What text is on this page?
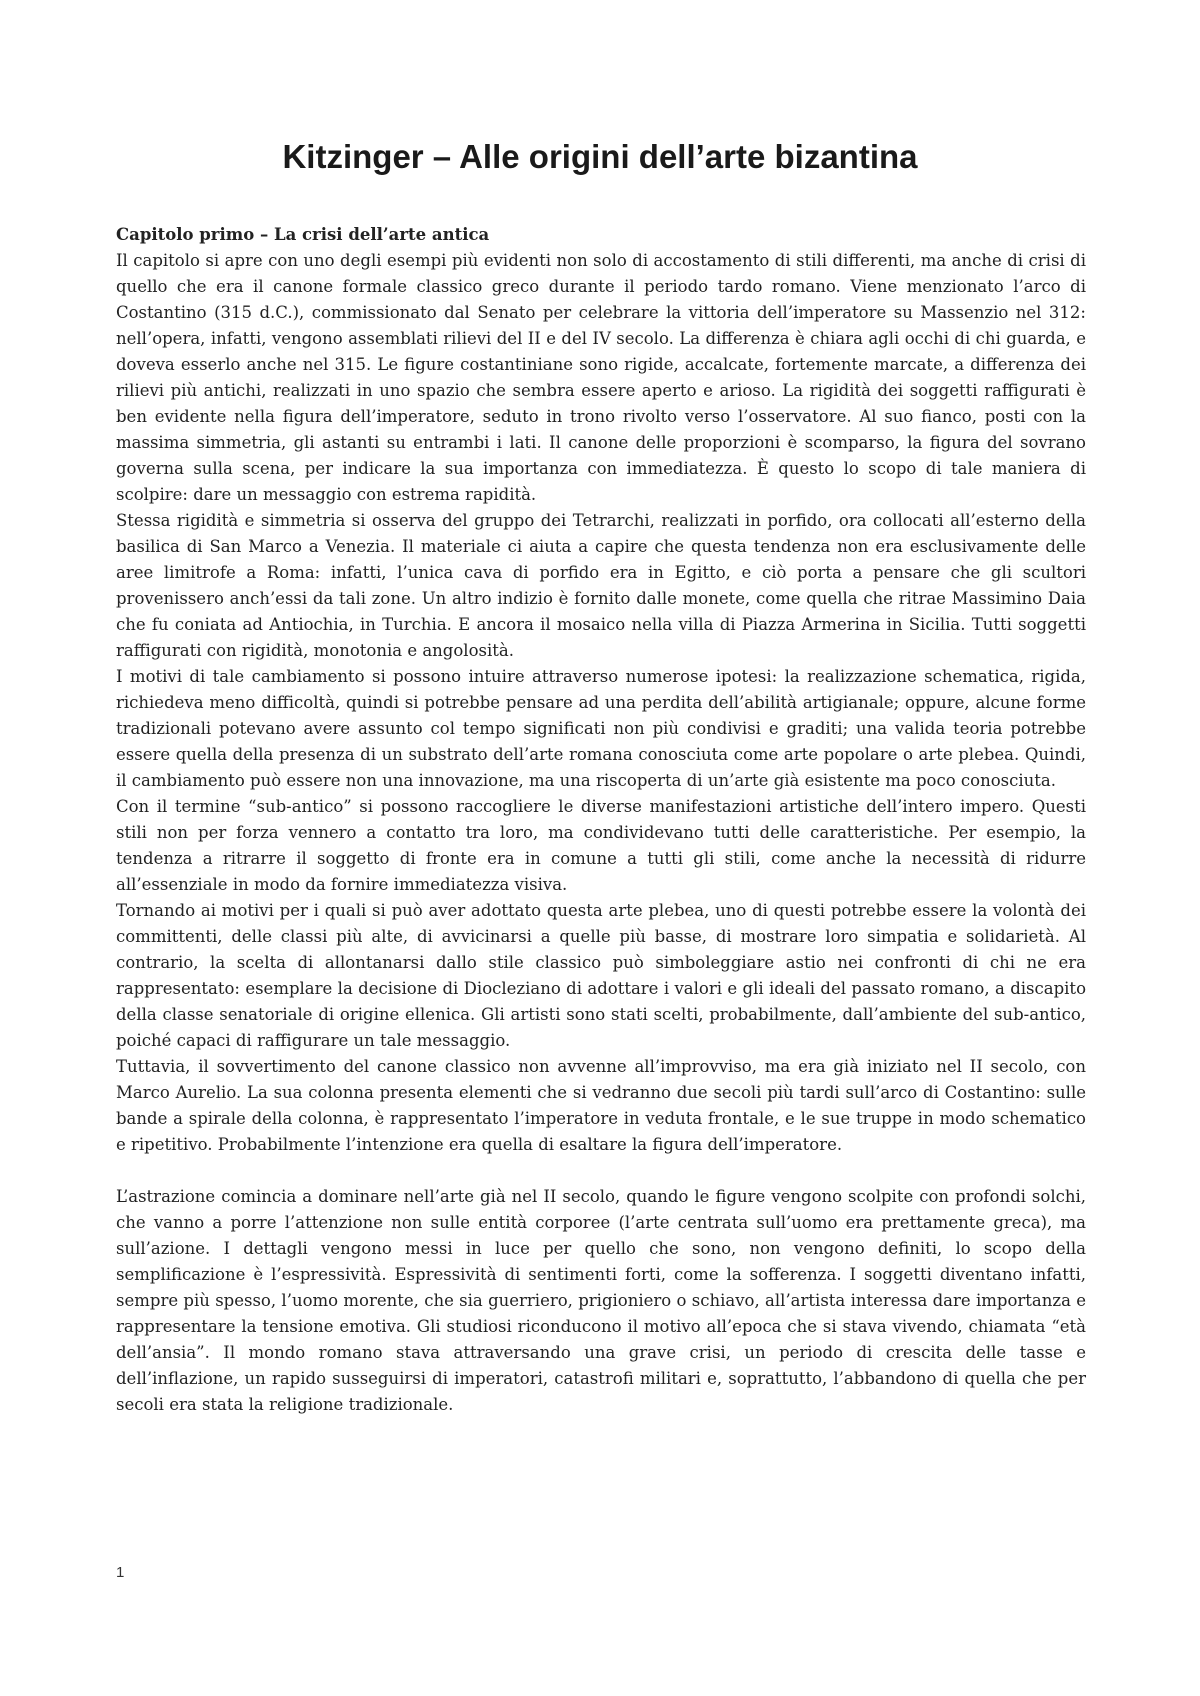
Kitzinger – Alle origini dell’arte bizantina

Capitolo primo – La crisi dell’arte antica

Il capitolo si apre con uno degli esempi più evidenti non solo di accostamento di stili differenti, ma anche di crisi di quello che era il canone formale classico greco durante il periodo tardo romano. Viene menzionato l’arco di Costantino (315 d.C.), commissionato dal Senato per celebrare la vittoria dell’imperatore su Massenzio nel 312: nell’opera, infatti, vengono assemblati rilievi del II e del IV secolo. La differenza è chiara agli occhi di chi guarda, e doveva esserlo anche nel 315. Le figure costantiniane sono rigide, accalcate, fortemente marcate, a differenza dei rilievi più antichi, realizzati in uno spazio che sembra essere aperto e arioso. La rigidità dei soggetti raffigurati è ben evidente nella figura dell’imperatore, seduto in trono rivolto verso l’osservatore. Al suo fianco, posti con la massima simmetria, gli astanti su entrambi i lati. Il canone delle proporzioni è scomparso, la figura del sovrano governa sulla scena, per indicare la sua importanza con immediatezza. È questo lo scopo di tale maniera di scolpire: dare un messaggio con estrema rapidità.

Stessa rigidità e simmetria si osserva del gruppo dei Tetrarchi, realizzati in porfido, ora collocati all’esterno della basilica di San Marco a Venezia. Il materiale ci aiuta a capire che questa tendenza non era esclusivamente delle aree limitrofe a Roma: infatti, l’unica cava di porfido era in Egitto, e ciò porta a pensare che gli scultori provenissero anch’essi da tali zone. Un altro indizio è fornito dalle monete, come quella che ritrae Massimino Daia che fu coniata ad Antiochia, in Turchia. E ancora il mosaico nella villa di Piazza Armerina in Sicilia. Tutti soggetti raffigurati con rigidità, monotonia e angolosità.

I motivi di tale cambiamento si possono intuire attraverso numerose ipotesi: la realizzazione schematica, rigida, richiedeva meno difficoltà, quindi si potrebbe pensare ad una perdita dell’abilità artigianale; oppure, alcune forme tradizionali potevano avere assunto col tempo significati non più condivisi e graditi; una valida teoria potrebbe essere quella della presenza di un substrato dell’arte romana conosciuta come arte popolare o arte plebea. Quindi, il cambiamento può essere non una innovazione, ma una riscoperta di un’arte già esistente ma poco conosciuta.

Con il termine “sub-antico” si possono raccogliere le diverse manifestazioni artistiche dell’intero impero. Questi stili non per forza vennero a contatto tra loro, ma condividevano tutti delle caratteristiche. Per esempio, la tendenza a ritrarre il soggetto di fronte era in comune a tutti gli stili, come anche la necessità di ridurre all’essenziale in modo da fornire immediatezza visiva.

Tornando ai motivi per i quali si può aver adottato questa arte plebea, uno di questi potrebbe essere la volontà dei committenti, delle classi più alte, di avvicinarsi a quelle più basse, di mostrare loro simpatia e solidarietà. Al contrario, la scelta di allontanarsi dallo stile classico può simboleggiare astio nei confronti di chi ne era rappresentato: esemplare la decisione di Diocleziano di adottare i valori e gli ideali del passato romano, a discapito della classe senatoriale di origine ellenica. Gli artisti sono stati scelti, probabilmente, dall’ambiente del sub-antico, poiché capaci di raffigurare un tale messaggio.

Tuttavia, il sovvertimento del canone classico non avvenne all’improvviso, ma era già iniziato nel II secolo, con Marco Aurelio. La sua colonna presenta elementi che si vedranno due secoli più tardi sull’arco di Costantino: sulle bande a spirale della colonna, è rappresentato l’imperatore in veduta frontale, e le sue truppe in modo schematico e ripetitivo. Probabilmente l’intenzione era quella di esaltare la figura dell’imperatore.

L’astrazione comincia a dominare nell’arte già nel II secolo, quando le figure vengono scolpite con profondi solchi, che vanno a porre l’attenzione non sulle entità corporee (l’arte centrata sull’uomo era prettamente greca), ma sull’azione. I dettagli vengono messi in luce per quello che sono, non vengono definiti, lo scopo della semplificazione è l’espressività. Espressività di sentimenti forti, come la sofferenza. I soggetti diventano infatti, sempre più spesso, l’uomo morente, che sia guerriero, prigioniero o schiavo, all’artista interessa dare importanza e rappresentare la tensione emotiva. Gli studiosi riconducono il motivo all’epoca che si stava vivendo, chiamata “età dell’ansia”. Il mondo romano stava attraversando una grave crisi, un periodo di crescita delle tasse e dell’inflazione, un rapido susseguirsi di imperatori, catastrofi militari e, soprattutto, l’abbandono di quella che per secoli era stata la religione tradizionale.

1
